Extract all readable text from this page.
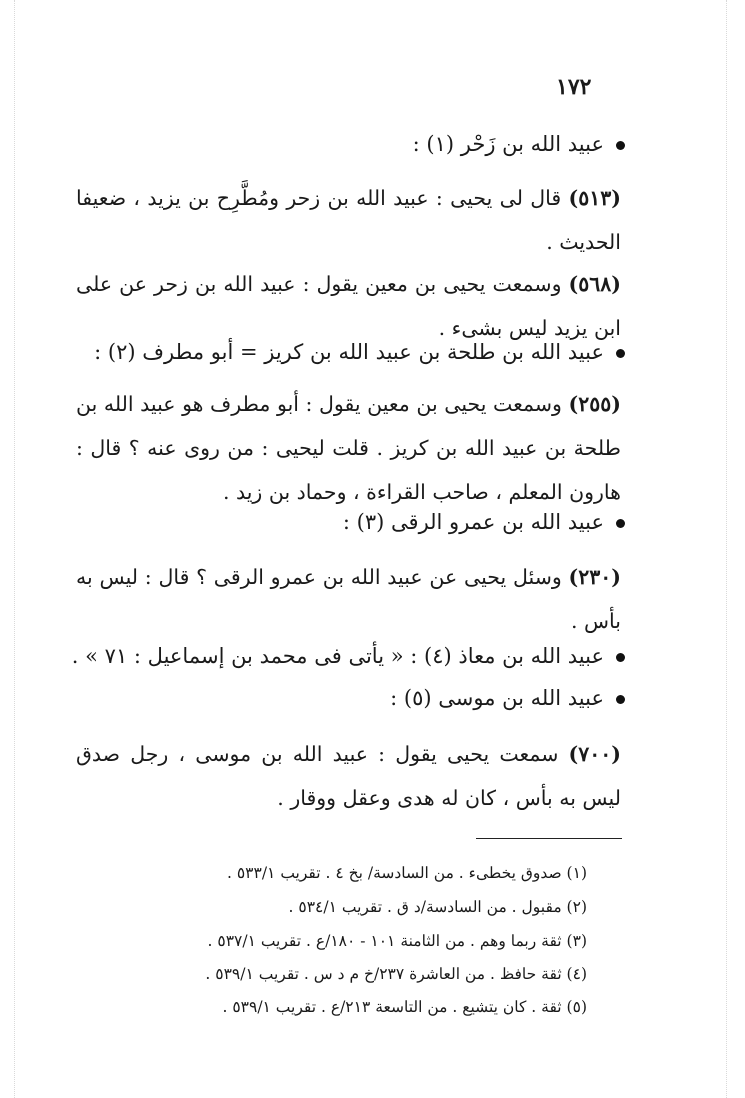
١٧٢
عبيد الله بن زَحْر (١) :
(٥١٣) قال لى يحيى : عبيد الله بن زحر ومُطَّرِح بن يزيد ، ضعيفا الحديث .
(٥٦٨) وسمعت يحيى بن معين يقول : عبيد الله بن زحر عن على ابن يزيد ليس بشىء .
عبيد الله بن طلحة بن عبيد الله بن كريز = أبو مطرف (٢) :
(٢٥٥) وسمعت يحيى بن معين يقول : أبو مطرف هو عبيد الله بن طلحة بن عبيد الله بن كريز . قلت ليحيى : من روى عنه ؟ قال : هارون المعلم ، صاحب القراءة ، وحماد بن زيد .
عبيد الله بن عمرو الرقى (٣) :
(٢٣٠) وسئل يحيى عن عبيد الله بن عمرو الرقى ؟ قال : ليس به بأس .
عبيد الله بن معاذ (٤) : « يأتى فى محمد بن إسماعيل : ٧١ » .
عبيد الله بن موسى (٥) :
(٧٠٠) سمعت يحيى يقول : عبيد الله بن موسى ، رجل صدق ليس به بأس ، كان له هدى وعقل ووقار .
(١) صدوق يخطىء . من السادسة/ بخ ٤ . تقريب ٥٣٣/١ .
(٢) مقبول . من السادسة/د ق . تقريب ٥٣٤/١ .
(٣) ثقة ربما وهم . من الثامنة ١٠١ - ١٨٠/ع . تقريب ٥٣٧/١ .
(٤) ثقة حافظ . من العاشرة ٢٣٧/خ م د س . تقريب ٥٣٩/١ .
(٥) ثقة . كان يتشيع . من التاسعة ٢١٣/ع . تقريب ٥٣٩/١ .
